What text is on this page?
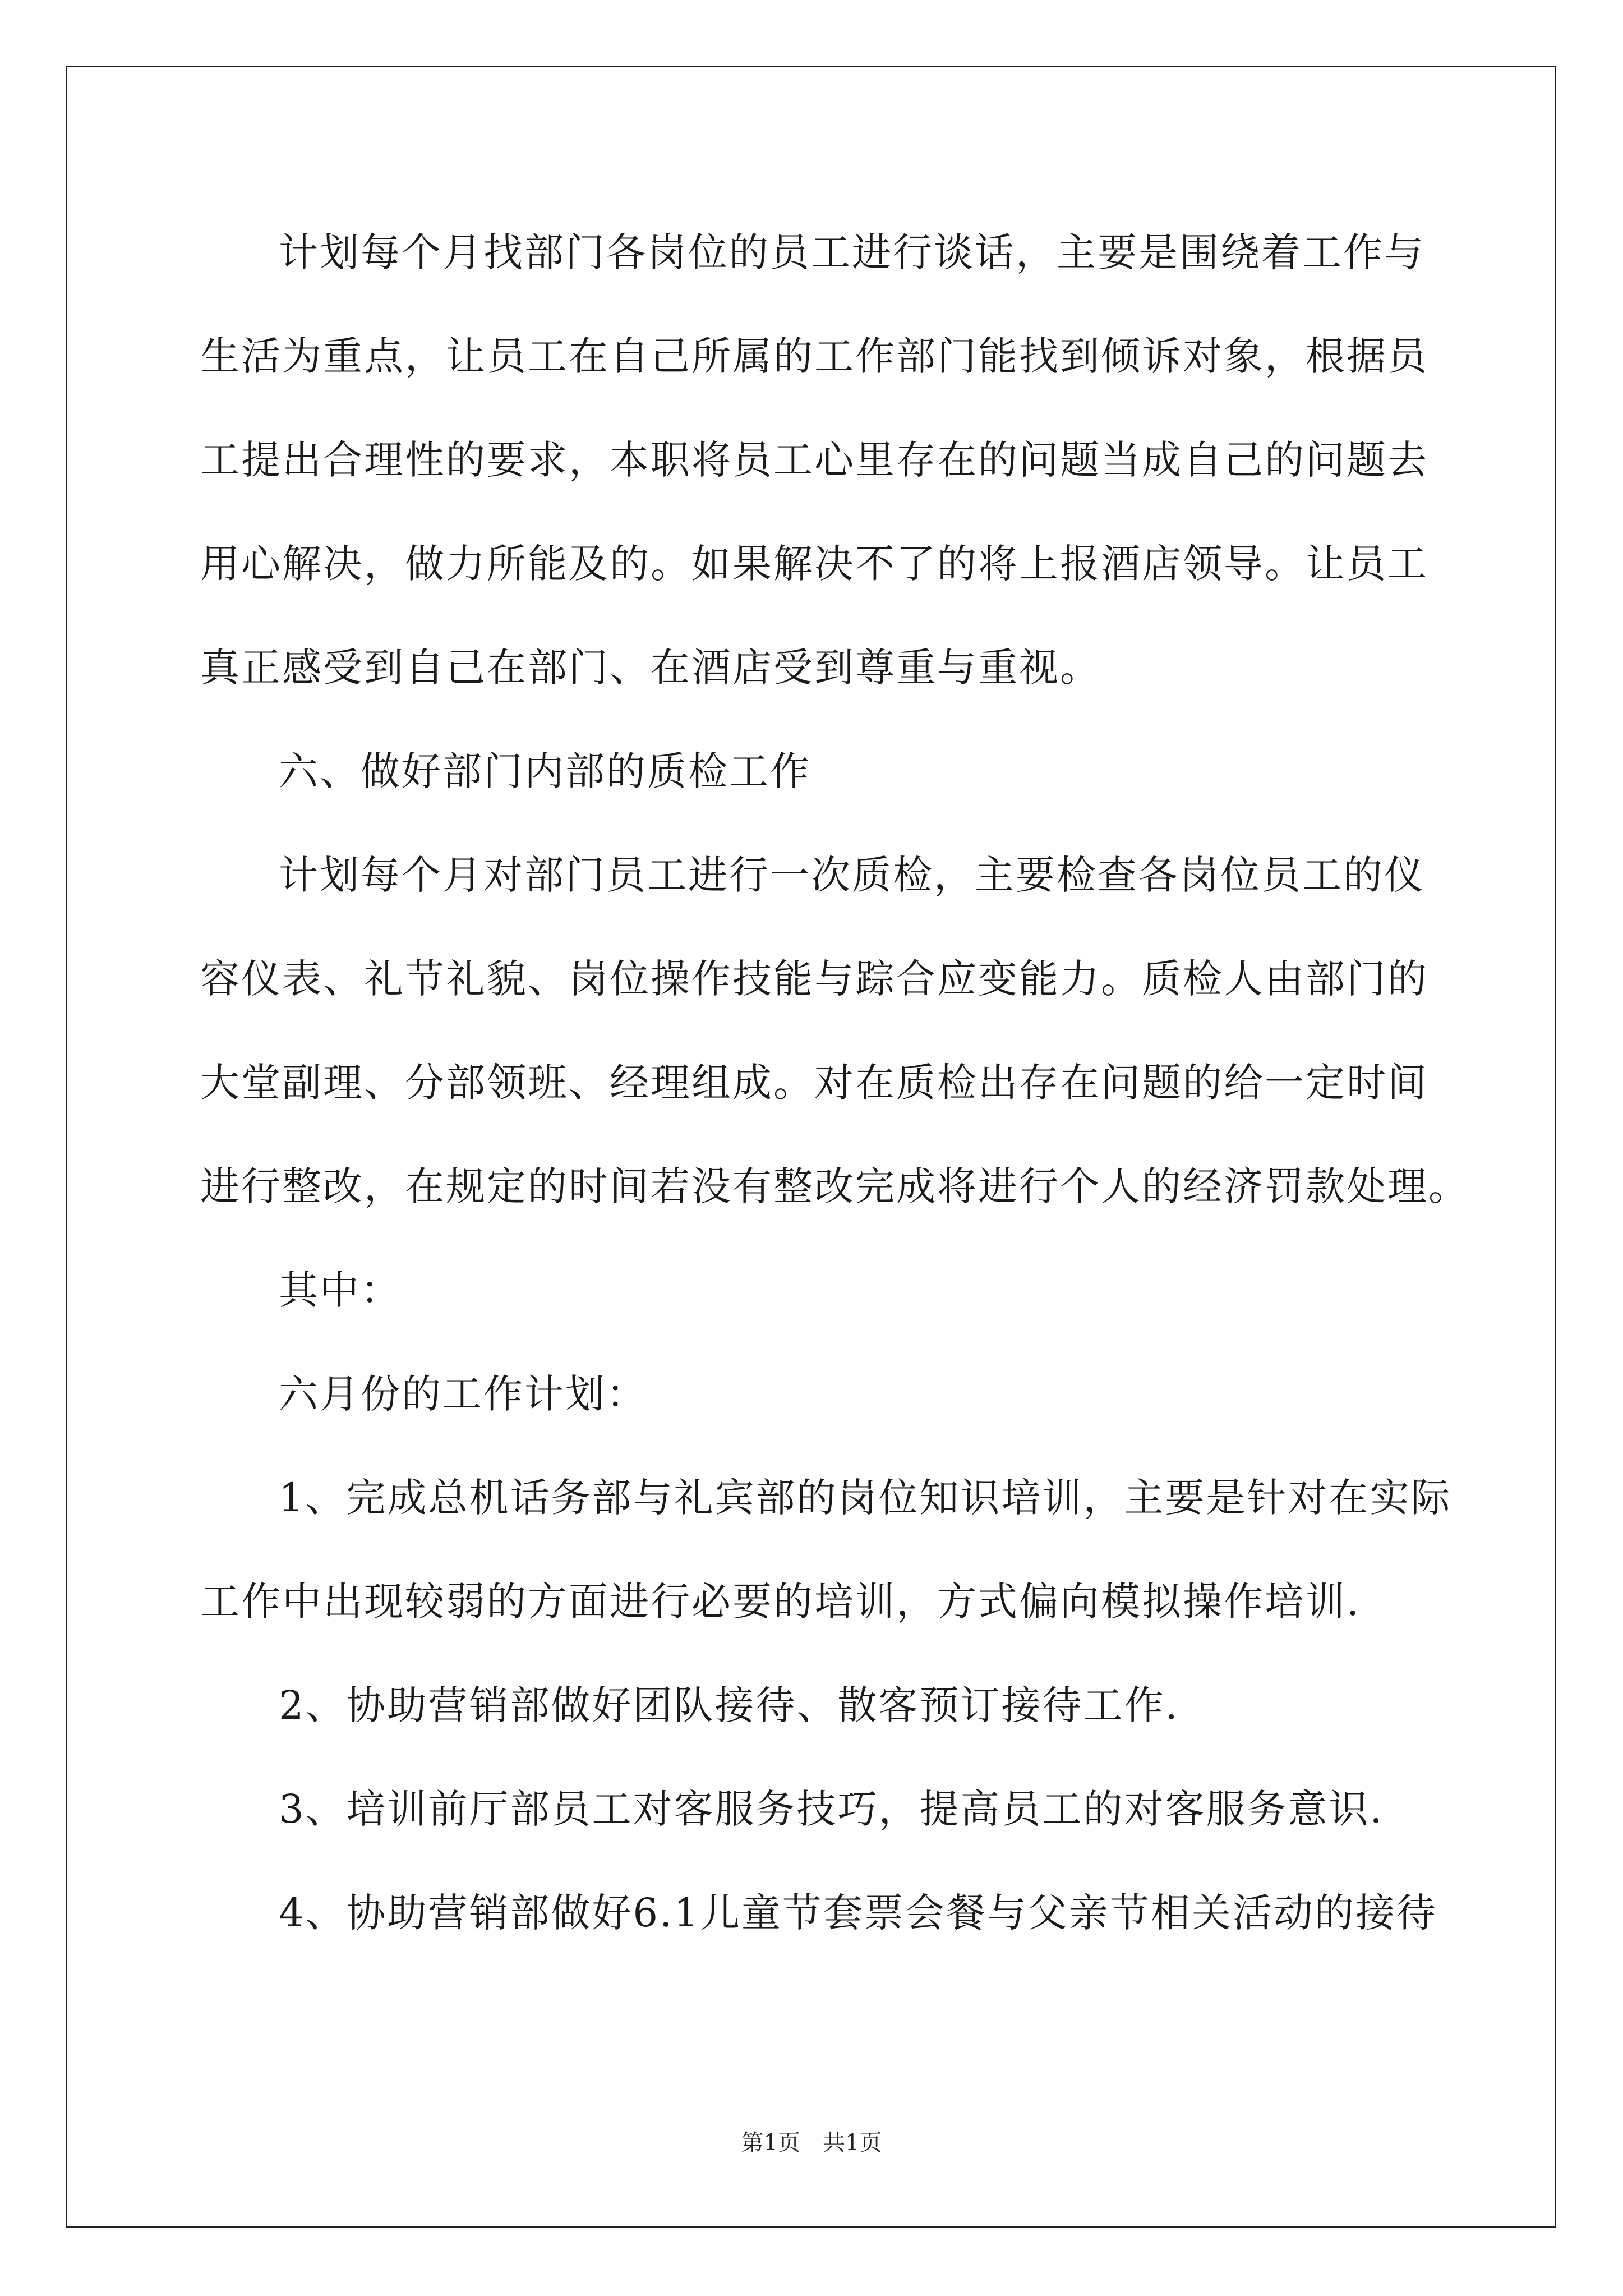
计划每个月找部门各岗位的员工进行谈话，主要是围绕着工作与
生活为重点，让员工在自己所属的工作部门能找到倾诉对象，根据员
工提出合理性的要求，本职将员工心里存在的问题当成自己的问题去
用心解决，做力所能及的。如果解决不了的将上报酒店领导。让员工
真正感受到自己在部门、在酒店受到尊重与重视。
六、做好部门内部的质检工作
计划每个月对部门员工进行一次质检，主要检查各岗位员工的仪
容仪表、礼节礼貌、岗位操作技能与踪合应变能力。质检人由部门的
大堂副理、分部领班、经理组成。对在质检出存在问题的给一定时间
进行整改，在规定的时间若没有整改完成将进行个人的经济罚款处理。
其中：
六月份的工作计划：
1、完成总机话务部与礼宾部的岗位知识培训，主要是针对在实际
工作中出现较弱的方面进行必要的培训，方式偏向模拟操作培训.
2、协助营销部做好团队接待、散客预订接待工作.
3、培训前厅部员工对客服务技巧，提高员工的对客服务意识.
4、协助营销部做好6.1儿童节套票会餐与父亲节相关活动的接待
第1页　共1页
